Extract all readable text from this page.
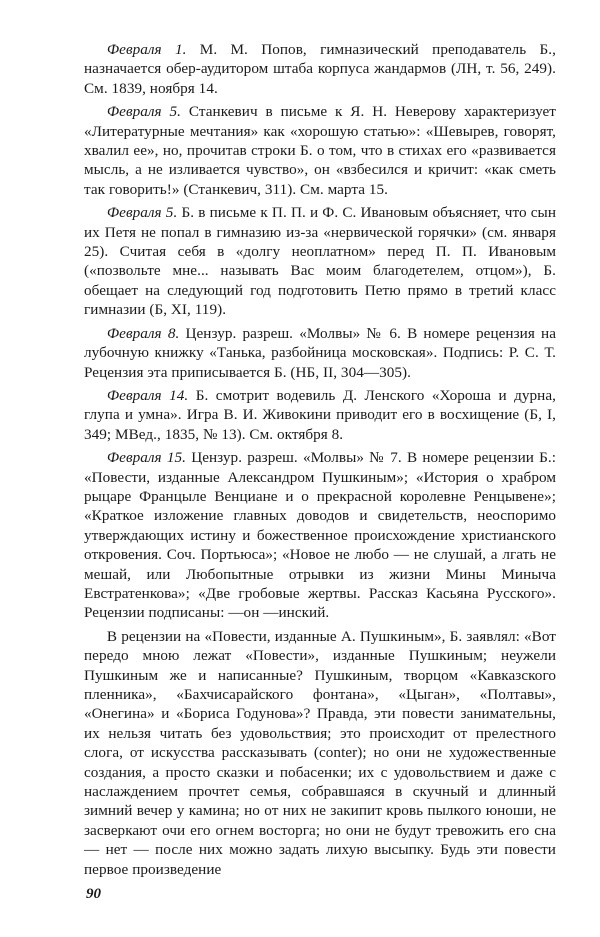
  Февраля 1. М. М. Попов, гимназический преподаватель Б., назначается обер-аудитором штаба корпуса жандармов (ЛН, т. 56, 249). См. 1839, ноября 14.

  Февраля 5. Станкевич в письме к Я. Н. Неверову характеризует «Литературные мечтания» как «хорошую статью»: «Шевырев, говорят, хвалил ее», но, прочитав строки Б. о том, что в стихах его «развивается мысль, а не изливается чувство», он «взбесился и кричит: «как сметь так говорить!» (Станкевич, 311). См. марта 15.

  Февраля 5. Б. в письме к П. П. и Ф. С. Ивановым объясняет, что сын их Петя не попал в гимназию из-за «нервической горячки» (см. января 25). Считая себя в «долгу неоплатном» перед П. П. Ивановым («позвольте мне... называть Вас моим благодетелем, отцом»), Б. обещает на следующий год подготовить Петю прямо в третий класс гимназии (Б, XI, 119).

  Февраля 8. Цензур. разреш. «Молвы» № 6. В номере рецензия на лубочную книжку «Танька, разбойница московская». Подпись: Р. С. Т. Рецензия эта приписывается Б. (НБ, II, 304—305).

  Февраля 14. Б. смотрит водевиль Д. Ленского «Хороша и дурна, глупа и умна». Игра В. И. Живокини приводит его в восхищение (Б, I, 349; МВед., 1835, № 13). См. октября 8.

  Февраля 15. Цензур. разреш. «Молвы» № 7. В номере рецензии Б.: «Повести, изданные Александром Пушкиным»; «История о храбром рыцаре Францыле Венциане и о прекрасной королевне Ренцывене»; «Краткое изложение главных доводов и свидетельств, неоспоримо утверждающих истину и божественное происхождение христианского откровения. Соч. Портьюса»; «Новое не любо — не слушай, а лгать не мешай, или Любопытные отрывки из жизни Мины Миныча Евстратенкова»; «Две гробовые жертвы. Рассказ Касьяна Русского». Рецензии подписаны: —он —инский.

  В рецензии на «Повести, изданные А. Пушкиным», Б. заявлял: «Вот передо мною лежат «Повести», изданные Пушкиным; неужели Пушкиным же и написанные? Пушкиным, творцом «Кавказского пленника», «Бахчисарайского фонтана», «Цыган», «Полтавы», «Онегина» и «Бориса Годунова»? Правда, эти повести занимательны, их нельзя читать без удовольствия; это происходит от прелестного слога, от искусства рассказывать (conter); но они не художественные создания, а просто сказки и побасенки; их с удовольствием и даже с наслаждением прочтет семья, собравшаяся в скучный и длинный зимний вечер у камина; но от них не закипит кровь пылкого юноши, не засверкают очи его огнем восторга; но они не будут тревожить его сна — нет — после них можно задать лихую высыпку. Будь эти повести первое произведение

90
